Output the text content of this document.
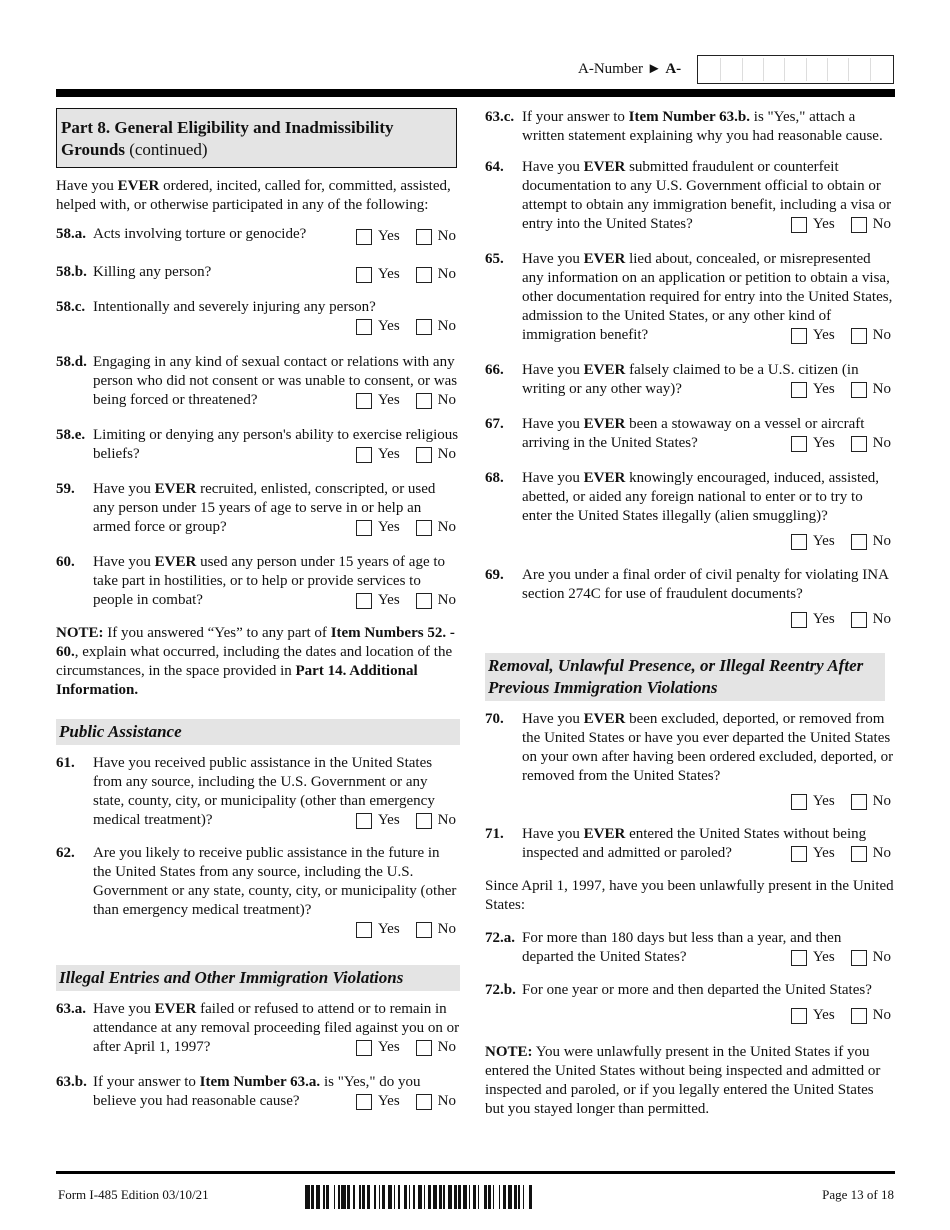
A-Number ► A-
Part 8. General Eligibility and Inadmissibility Grounds (continued)
Have you EVER ordered, incited, called for, committed, assisted, helped with, or otherwise participated in any of the following:
58.a. Acts involving torture or genocide?	Yes	No
58.b. Killing any person?	Yes	No
58.c. Intentionally and severely injuring any person?
Yes	No
58.d. Engaging in any kind of sexual contact or relations with any person who did not consent or was unable to consent, or was being forced or threatened?	Yes	No
58.e. Limiting or denying any person's ability to exercise religious beliefs?	Yes	No
59.	Have you EVER recruited, enlisted, conscripted, or used any person under 15 years of age to serve in or help an armed force or group?	Yes	No
60.	Have you EVER used any person under 15 years of age to take part in hostilities, or to help or provide services to people in combat?	Yes	No
NOTE: If you answered “Yes” to any part of Item Numbers 52. - 60., explain what occurred, including the dates and location of the circumstances, in the space provided in Part 14. Additional Information.
Public Assistance
61.	Have you received public assistance in the United States from any source, including the U.S. Government or any state, county, city, or municipality (other than emergency medical treatment)?	Yes	No
62.	Are you likely to receive public assistance in the future in the United States from any source, including the U.S. Government or any state, county, city, or municipality (other than emergency medical treatment)?
Yes	No
Illegal Entries and Other Immigration Violations
63.a. Have you EVER failed or refused to attend or to remain in attendance at any removal proceeding filed against you on or after April 1, 1997?	Yes	No
63.b. If your answer to Item Number 63.a. is "Yes," do you believe you had reasonable cause?	Yes	No
63.c. If your answer to Item Number 63.b. is "Yes," attach a written statement explaining why you had reasonable cause.
64.	Have you EVER submitted fraudulent or counterfeit documentation to any U.S. Government official to obtain or attempt to obtain any immigration benefit, including a visa or entry into the United States?	Yes	No
65.	Have you EVER lied about, concealed, or misrepresented any information on an application or petition to obtain a visa, other documentation required for entry into the United States, admission to the United States, or any other kind of immigration benefit?	Yes	No
66.	Have you EVER falsely claimed to be a U.S. citizen (in writing or any other way)?	Yes	No
67.	Have you EVER been a stowaway on a vessel or aircraft arriving in the United States?	Yes	No
68.	Have you EVER knowingly encouraged, induced, assisted, abetted, or aided any foreign national to enter or to try to enter the United States illegally (alien smuggling)?
Yes	No
69.	Are you under a final order of civil penalty for violating INA section 274C for use of fraudulent documents?
Yes	No
Removal, Unlawful Presence, or Illegal Reentry After Previous Immigration Violations
70.	Have you EVER been excluded, deported, or removed from the United States or have you ever departed the United States on your own after having been ordered excluded, deported, or removed from the United States?
Yes	No
71.	Have you EVER entered the United States without being inspected and admitted or paroled?	Yes	No
Since April 1, 1997, have you been unlawfully present in the United States:
72.a. For more than 180 days but less than a year, and then departed the United States?	Yes	No
72.b. For one year or more and then departed the United States?
Yes	No
NOTE: You were unlawfully present in the United States if you entered the United States without being inspected and admitted or inspected and paroled, or if you legally entered the United States but you stayed longer than permitted.
Form I-485 Edition 03/10/21	Page 13 of 18
